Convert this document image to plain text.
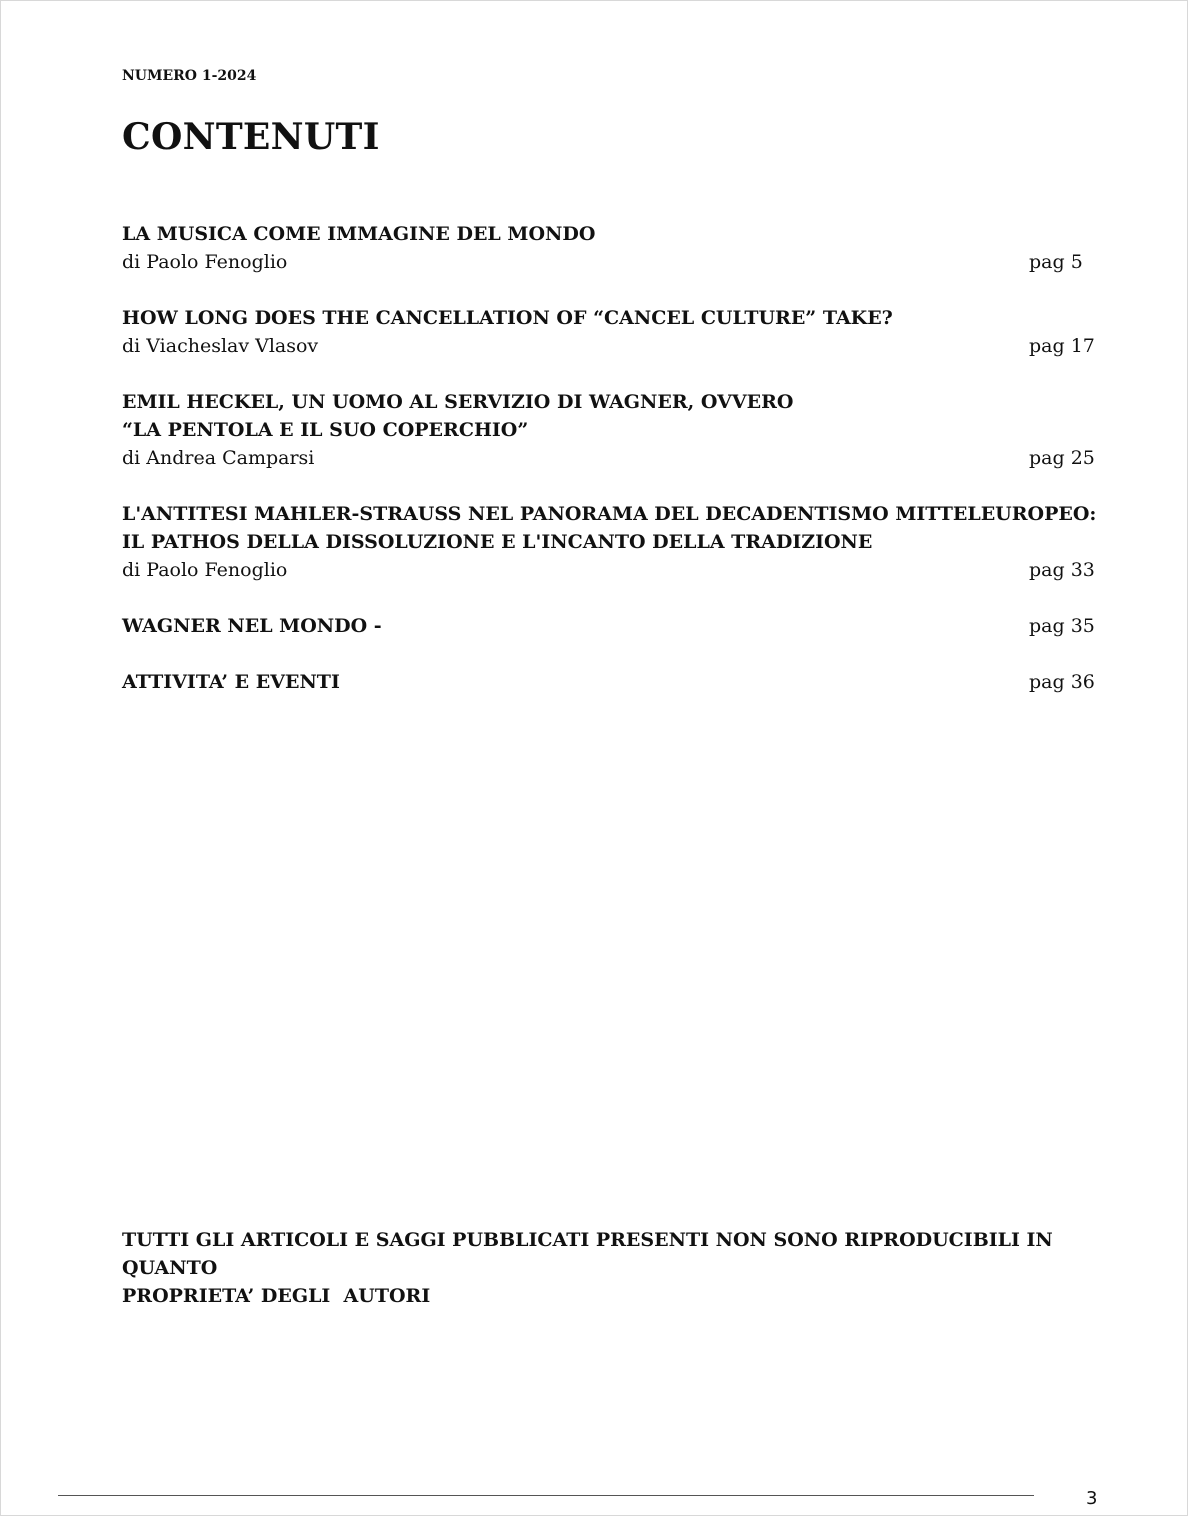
NUMERO 1-2024
CONTENUTI
LA MUSICA COME IMMAGINE DEL MONDO
di Paolo Fenoglio	pag 5
HOW LONG DOES THE CANCELLATION OF “CANCEL CULTURE” TAKE?
di Viacheslav Vlasov	pag 17
EMIL HECKEL, UN UOMO AL SERVIZIO DI WAGNER, OVVERO
“LA PENTOLA E IL SUO COPERCHIO”
di Andrea Camparsi	pag 25
L'ANTITESI MAHLER-STRAUSS NEL PANORAMA DEL DECADENTISMO MITTELEUROPEO:
IL PATHOS DELLA DISSOLUZIONE E L'INCANTO DELLA TRADIZIONE
di Paolo Fenoglio	pag 33
WAGNER NEL MONDO -	pag 35
ATTIVITA’ E EVENTI	pag 36
TUTTI GLI ARTICOLI E SAGGI PUBBLICATI PRESENTI NON SONO RIPRODUCIBILI IN QUANTO
PROPRIETA’ DEGLI  AUTORI
3
